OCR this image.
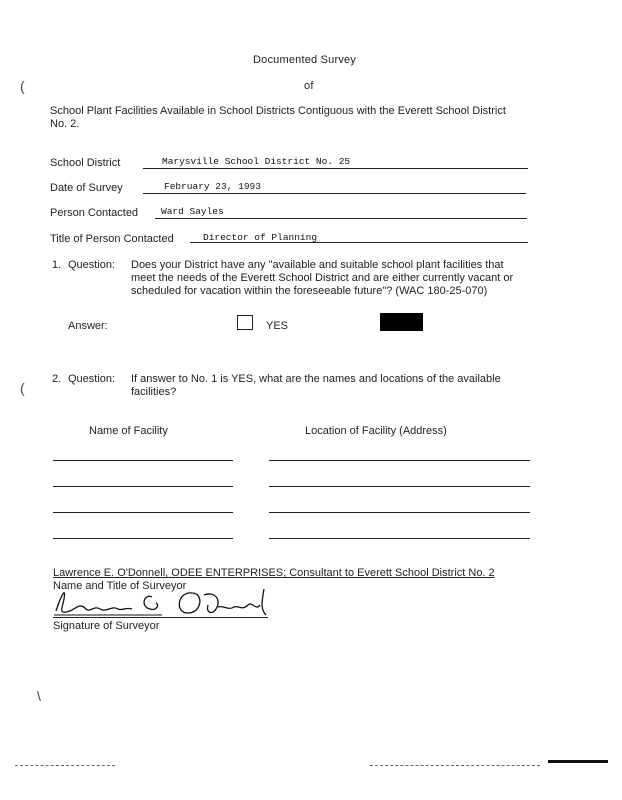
Documented Survey
of
School Plant Facilities Available in School Districts Contiguous with the Everett School District
No. 2.
School District	Marysville School District No. 25
Date of Survey	February 23, 1993
Person Contacted Ward Sayles
Title of Person Contacted	Director of Planning
1. Question: Does your District have any "available and suitable school plant facilities that
meet the needs of the Everett School District and are either currently vacant or
scheduled for vacation within the foreseeable future"? (WAC 180-25-070)
Answer:	YES
2. Question: If answer to No. 1 is YES, what are the names and locations of the available
facilities?
Name of Facility	Location of Facility (Address)
Lawrence E. O'Donnell, ODEE ENTERPRISES; Consultant to Everett School District No. 2
Name and Title of Surveyor
Signature of Surveyor
(
(
\
